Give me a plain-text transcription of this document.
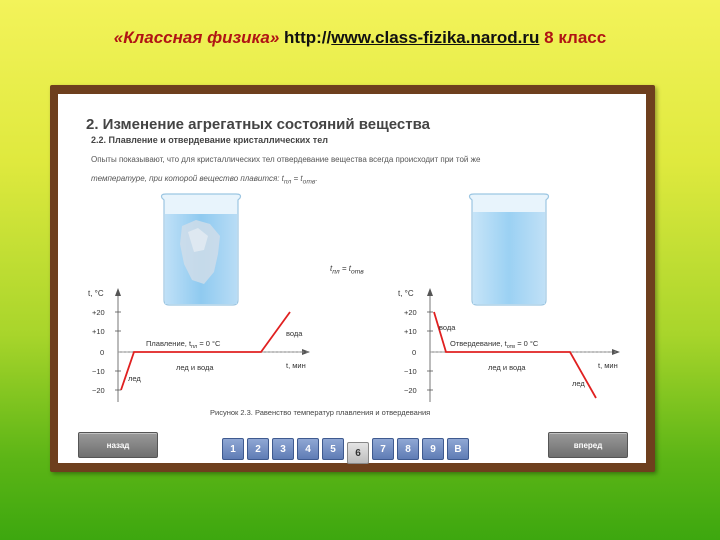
«Классная физика» http://www.class-fizika.narod.ru 8 класс
2. Изменение агрегатных состояний вещества
2.2. Плавление и отвердевание кристаллических тел
Опыты показывают, что для кристаллических тел отвердевание вещества всегда происходит при той же
температуре, при которой вещество плавится: $t_{пл} = t_{отв}$.
$t_{пл} = t_{отв}$
t, °C
+20
+10
0
−10
−20
Плавление, $t_{пл} = 0$ °C
вода
лед и вода
лед
t, мин
t, °C
+20
+10
0
−10
−20
вода
Отвердевание, $t_{отв} = 0$ °C
лед и вода
лед
t, мин
Рисунок 2.3. Равенство температур плавления и отвердевания
назад	1	2	3	4	5	6	7	8	9	В	вперед
